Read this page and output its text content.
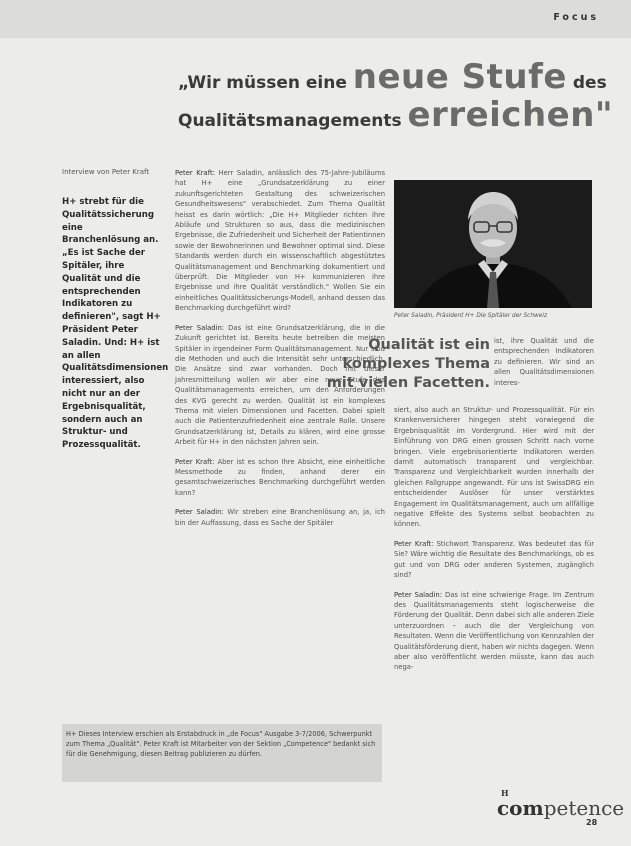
Focus
„Wir müssen eine neue Stufe des
Qualitätsmanagements erreichen"
Interview von Peter Kraft
H+ strebt für die Qualitätssicherung eine Branchenlösung an. „Es ist Sache der Spitäler, ihre Qualität und die entsprechenden Indikatoren zu definieren", sagt H+ Präsident Peter Saladin. Und: H+ ist an allen Qualitätsdimensionen interessiert, also nicht nur an der Ergebnisqualität, sondern auch an Struktur- und Prozessqualität.

Peter Kraft: Herr Saladin, anlässlich des 75-Jahre-Jubiläums hat H+ eine „Grundsatzerklärung zu einer zukunftsgerichteten Gestaltung des schweizerischen Gesundheitswesens" verabschiedet. Zum Thema Qualität heisst es darin wörtlich: „Die H+ Mitglieder richten ihre Abläufe und Strukturen so aus, dass die medizinischen Ergebnisse, die Zufriedenheit und Sicherheit der Patientinnen sowie der Bewohnerinnen und Bewohner optimal sind. Diese Standards werden durch ein wissenschaftlich abgestütztes Qualitätsmanagement und Benchmarking dokumentiert und überprüft. Die Mitglieder von H+ kommunizieren ihre Ergebnisse und ihre Qualität verständlich." Wollen Sie ein einheitliches Qualitätssicherungs-Modell, anhand dessen das Benchmarking durchgeführt wird?

Peter Saladin: Das ist eine Grundsatzerklärung, die in die Zukunft gerichtet ist. Bereits heute betreiben die meisten Spitäler in irgendeiner Form Qualitätsmanagement. Nur sind die Methoden und auch die Intensität sehr unterschiedlich. Die Ansätze sind zwar vorhanden. Doch mit dieser Jahresmitteilung wollen wir aber eine neue Stufe des Qualitätsmanagements erreichen, um den Anforderungen des KVG gerecht zu werden. Qualität ist ein komplexes Thema mit vielen Dimensionen und Facetten. Dabei spielt auch die Patientenzufriedenheit eine zentrale Rolle. Unsere Grundsatzerklärung ist, Details zu klären, wird eine grosse Arbeit für H+ in den nächsten Jahren sein.

Peter Kraft: Aber ist es schon Ihre Absicht, eine einheitliche Messmethode zu finden, anhand derer ein gesamtschweizerisches Benchmarking durchgeführt werden kann?

Peter Saladin: Wir streben eine Branchenlösung an, ja, ich bin der Auffassung, dass es Sache der Spitäler

Peter Saladin, Präsident H+ Die Spitäler der Schweiz
Qualität ist ein komplexes Thema mit vielen Facetten.

ist, ihre Qualität und die entsprechenden Indikatoren zu definieren. Wir sind an allen Qualitätsdimensionen interes-

siert, also auch an Struktur- und Prozessqualität. Für ein Krankenversicherer hingegen steht vorwiegend die Ergebnisqualität im Vordergrund. Hier wird mit der Einführung von DRG einen grossen Schritt nach vorne bringen. Viele ergebnisorientierte Indikatoren werden damit automatisch transparent und vergleichbar. Transparenz und Vergleichbarkeit wurden innerhalb der gleichen Fallgruppe angewandt. Für uns ist SwissDRG ein entscheidender Auslöser für unser verstärktes Engagement im Qualitätsmanagement, auch um allfällige negative Effekte des Systems selbst beobachten zu können.

Peter Kraft: Stichwort Transparenz. Was bedeutet das für Sie? Wäre wichtig die Resultate des Benchmarkings, ob es gut und von DRG oder anderen Systemen, zugänglich sind?

Peter Saladin: Das ist eine schwierige Frage. Im Zentrum des Qualitätsmanagements steht logischerweise die Förderung der Qualität. Denn dabei sich alle anderen Ziele unterzuordnen – auch die der Vergleichung von Resultaten. Wenn die Veröffentlichung von Kennzahlen der Qualitätsförderung dient, haben wir nichts dagegen. Wenn aber also veröffentlicht werden müsste, kann das auch nega-

H+ Dieses Interview erschien als Erstabdruck in „de Focus" Ausgabe 3-7/2006, Schwerpunkt zum Thema „Qualität". Peter Kraft ist Mitarbeiter von der Sektion „Competence" bedankt sich für die Genehmigung, diesen Beitrag publizieren zu dürfen.
H
competence
28
